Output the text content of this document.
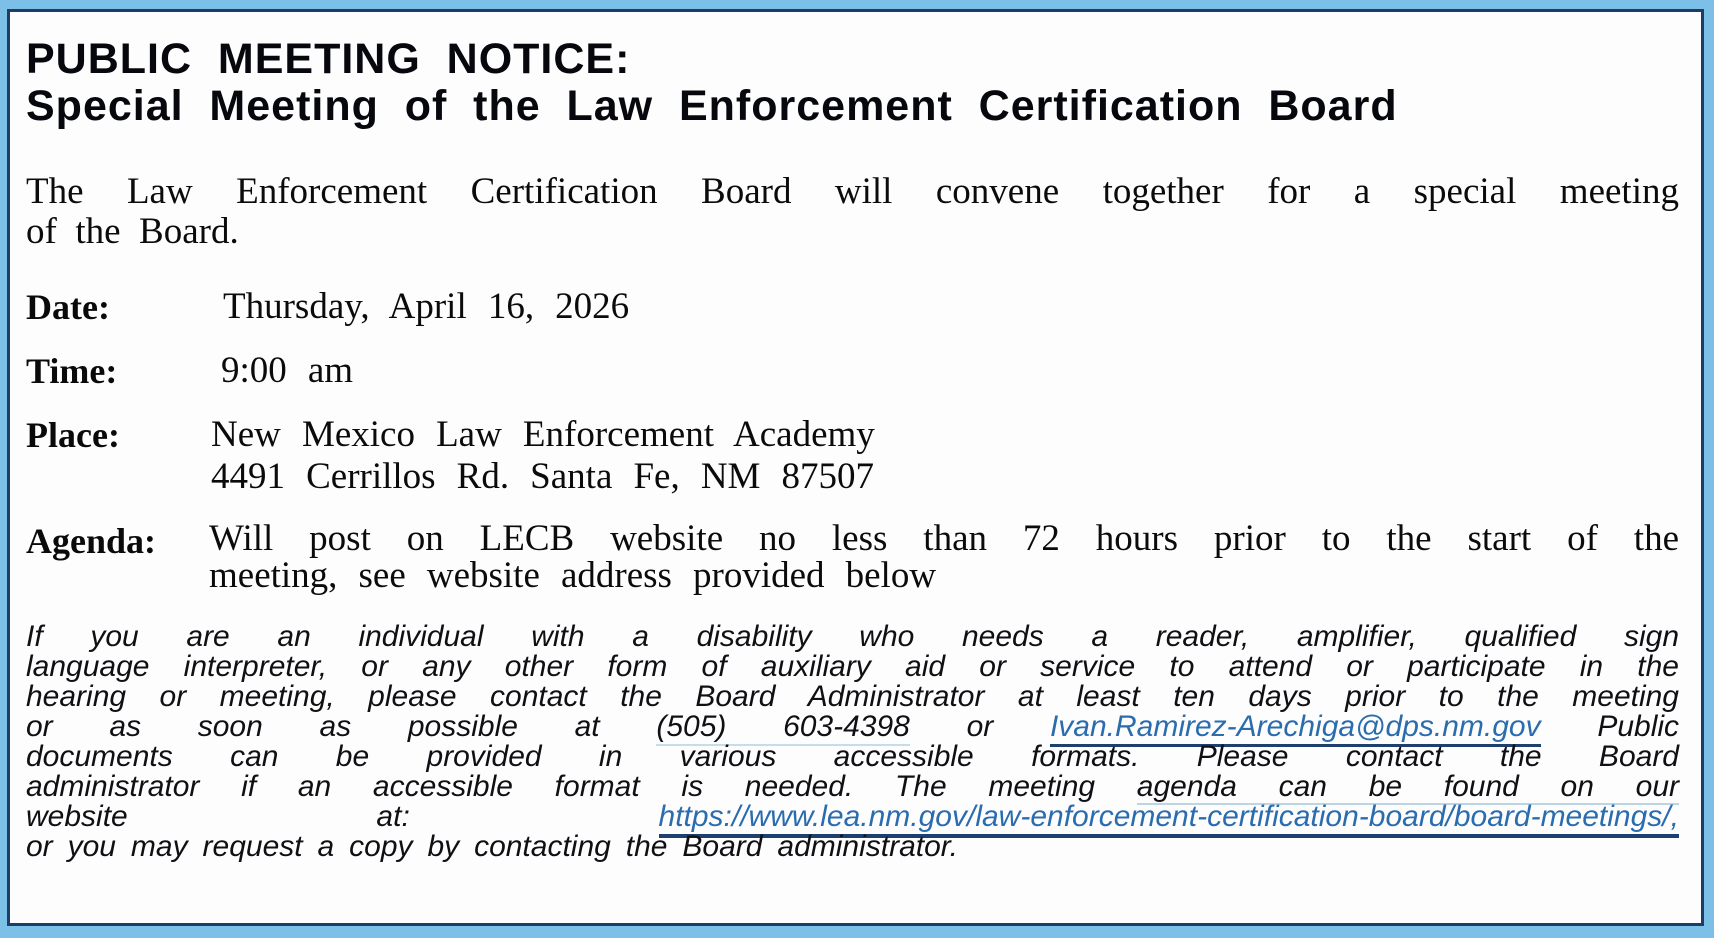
PUBLIC MEETING NOTICE:
Special Meeting of the Law Enforcement Certification Board
The Law Enforcement Certification Board will convene together for a special meeting
of the Board.
Date:	Thursday, April 16, 2026
Time:	9:00 am
Place:	New Mexico Law Enforcement Academy
4491 Cerrillos Rd. Santa Fe, NM 87507
Agenda:	Will post on LECB website no less than 72 hours prior to the start of the
meeting, see website address provided below
If you are an individual with a disability who needs a reader, amplifier, qualified sign
language interpreter, or any other form of auxiliary aid or service to attend or participate in the
hearing or meeting, please contact the Board Administrator at least ten days prior to the meeting
or as soon as possible at (505) 603-4398 or Ivan.Ramirez-Arechiga@dps.nm.gov Public
documents can be provided in various accessible formats. Please contact the Board
administrator if an accessible format is needed. The meeting agenda can be found on our
website at:	https://www.lea.nm.gov/law-enforcement-certification-board/board-meetings/,
or you may request a copy by contacting the Board administrator.
